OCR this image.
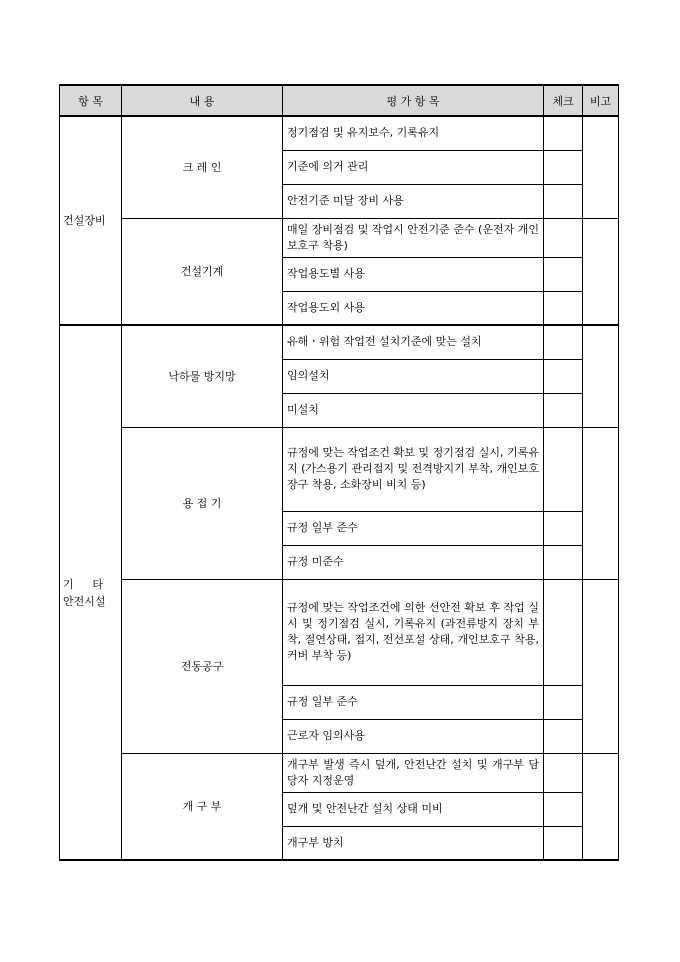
항 목	내 용	평 가 항 목	체크	비고
건설장비	크 레 인	정기점검 및 유지보수, 기록유지		
		기준에 의거 관리		
		안전기준 미달 장비 사용		
	건설기계	매일 장비점검 및 작업시 안전기준 준수 (운전자 개인보호구 착용)		
		작업용도별 사용		
		작업용도외 사용		

기 타
안전시설	낙하물 방지망	유해ㆍ위험 작업전 설치기준에 맞는 설치		
		임의설치		
		미설치		
	용 접 기	규정에 맞는 작업조건 확보 및 정기점검 실시, 기록유지 (가스용기 관리접지 및 전격방지기 부착, 개인보호장구 착용, 소화장비 비치 등)		
		규정 일부 준수		
		규정 미준수		
	전동공구	규정에 맞는 작업조건에 의한 선안전 확보 후 작업 실시 및 정기점검 실시, 기록유지 (과전류방지 장치 부착, 절연상태, 접지, 전선포설 상태, 개인보호구 착용, 커버 부착 등)		
		규정 일부 준수		
		근로자 임의사용		
	개 구 부	개구부 발생 즉시 덮개, 안전난간 설치 및 개구부 담당자 지정운영		
		덮개 및 안전난간 설치 상태 미비		
		개구부 방치		
